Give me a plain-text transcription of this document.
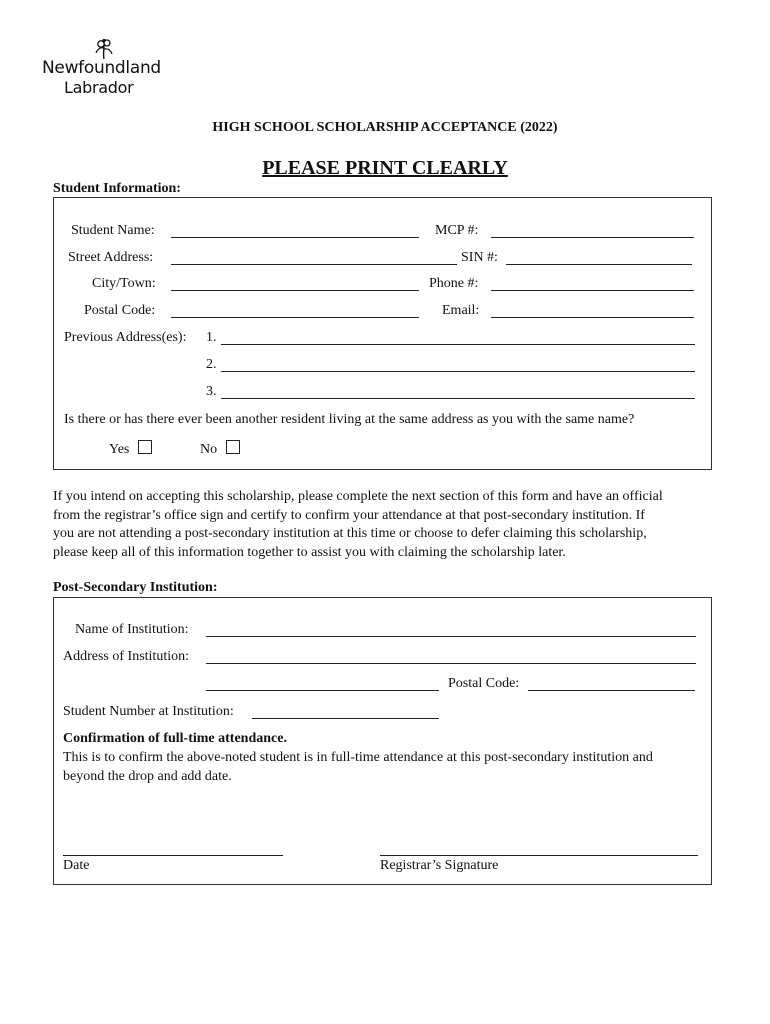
Newfoundland
Labrador
HIGH SCHOOL SCHOLARSHIP ACCEPTANCE (2022)
PLEASE PRINT CLEARLY
Student Information:
Student Name:	MCP #:
Street Address:	SIN #:
City/Town:	Phone #:
Postal Code:	Email:
Previous Address(es): 1.
2.
3.
Is there or has there ever been another resident living at the same address as you with the same name?
Yes	No
If you intend on accepting this scholarship, please complete the next section of this form and have an official
from the registrar’s office sign and certify to confirm your attendance at that post-secondary institution. If
you are not attending a post-secondary institution at this time or choose to defer claiming this scholarship,
please keep all of this information together to assist you with claiming the scholarship later.
Post-Secondary Institution:
Name of Institution:
Address of Institution:
Postal Code:
Student Number at Institution:
Confirmation of full-time attendance.
This is to confirm the above-noted student is in full-time attendance at this post-secondary institution and
beyond the drop and add date.
Date	Registrar’s Signature
